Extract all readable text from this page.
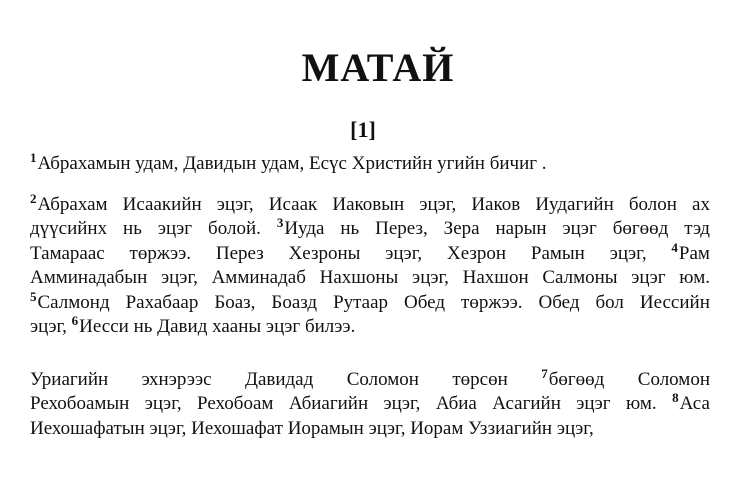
МАТАЙ
[1]
$^1$Абрахамын удам, Давидын удам, Есүс Христийн угийн бичиг .
$^2$Абрахам Исаакийн эцэг, Исаак Иаковын эцэг, Иаков Иудагийн болон ах
дүүсийнх нь эцэг болой. $^3$Иуда нь Перез, Зера нарын эцэг бөгөөд тэд
Тамараас төржээ. Перез Хезроны эцэг, Хезрон Рамын эцэг, $^4$Рам
Амминадабын эцэг, Амминадаб Нахшоны эцэг, Нахшон Салмоны эцэг юм.
$^5$Салмонд Рахабаар Боаз, Боазд Рутаар Обед төржээ. Обед бол Иессийн
эцэг, $^6$Иесси нь Давид хааны эцэг билээ.
Уриагийн эхнэрээс Давидад Соломон төрсөн	$^7$бөгөөд Соломон
Рехобоамын эцэг, Рехобоам Абиагийн эцэг, Абиа Асагийн эцэг юм. $^8$Аса
Иехошафатын эцэг, Иехошафат Иорамын эцэг, Иорам Уззиагийн эцэг,
